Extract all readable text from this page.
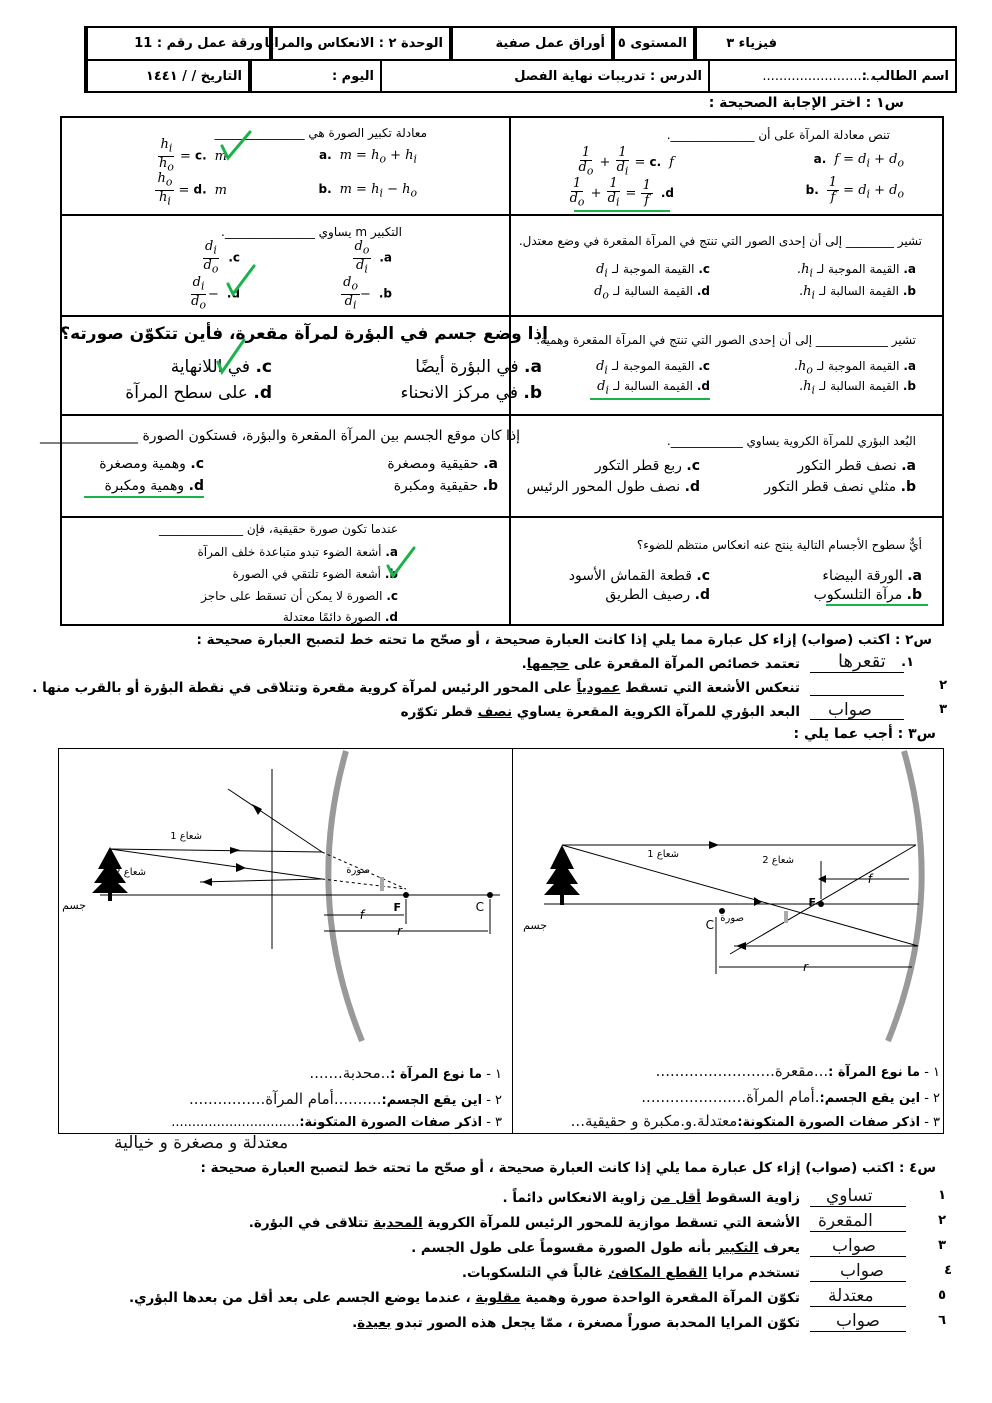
فيزياء ٣
المستوى ٥
أوراق عمل صفية
الوحدة ٢ : الانعكاس والمرايا
ورقة عمل رقم : 11
اسم الطالب :
...........................
الدرس : تدريبات نهاية الفصل
اليوم :
التاريخ / / ١٤٤١
س١ : اختر الإجابة الصحيحة :
تنص معادلة المرآة على أن ______________.
a.  $f = d_i + d_o$
b. $\frac{1}{f} = d_i + d_o$
c.  f =
$\frac{1}{d_i}$
+
$\frac{1}{d_o}$
d.
$\frac{1}{f}$
=
$\frac{1}{d_i}$
+
$\frac{1}{d_o}$
معادلة تكبير الصورة هي _______________
a.  $m = h_o + h_i$
b.  $m = h_i - h_o$
c.  m =
$\frac{h_i}{h_o}$
d.  m =
$\frac{h_o}{h_i}$
تشير ________ إلى أن إحدى الصور التي تنتج في المرآة المقعرة في وضع معتدل.
a. القيمة الموجبة لـ $h_i$.
b. القيمة السالبة لـ $h_i$.
c. القيمة الموجبة لـ $d_i$
d. القيمة السالبة لـ $d_o$
التكبير m يساوي _______________.
a.
$\frac{d_o}{d_i}$
b.  −
$\frac{d_o}{d_i}$
c.
$\frac{d_i}{d_o}$
d.  −
$\frac{d_i}{d_o}$
تشير ____________ إلى أن إحدى الصور التي تنتج في المرآة المقعرة وهمية.
a. القيمة الموجبة لـ $h_o$.
b. القيمة السالبة لـ $h_i$.
c. القيمة الموجبة لـ $d_i$
d. القيمة السالبة لـ $d_i$
إذا وضع جسم في البؤرة لمرآة مقعرة، فأين تتكوّن صورته؟
a. في البؤرة أيضًا
b. في مركز الانحناء
c. في اللانهاية
d. على سطح المرآة
البُعد البؤري للمرآة الكروية يساوي ____________.
a. نصف قطر التكور
b. مثلي نصف قطر التكور
c. ربع قطر التكور
d. نصف طول المحور الرئيس
إذا كان موقع الجسم بين المرآة المقعرة والبؤرة، فستكون الصورة ______________
a. حقيقية ومصغرة
b. حقيقية ومكبرة
c. وهمية ومصغرة
d. وهمية ومكبرة
أيٌّ سطوح الأجسام التالية ينتج عنه انعكاس منتظم للضوء؟
a. الورقة البيضاء
b. مرآة التلسكوب
c. قطعة القماش الأسود
d. رصيف الطريق
عندما تكون صورة حقيقية، فإن ______________
a. أشعة الضوء تبدو متباعدة خلف المرآة
b. أشعة الضوء تلتقي في الصورة
c. الصورة لا يمكن أن تسقط على حاجز
d. الصورة دائمًا معتدلة
س٢ : اكتب (صواب) إزاء كل عبارة مما يلي إذا كانت العبارة صحيحة ، أو صحّح ما تحته خط لتصبح العبارة صحيحة :
١.
تقعرها
تعتمد خصائص المرآة المقعرة على حجمها.
٢
تنعكس الأشعة التي تسقط عمودياً على المحور الرئيس لمرآة كروية مقعرة وتتلاقى في نقطة البؤرة أو بالقرب منها .
٣
صواب
البعد البؤري للمرآة الكروية المقعرة يساوي نصف قطر تكوّره
س٣ : أجب عما يلي :
شعاع 2
شعاع 1
صورة
جسم
f
F
C
r
شعاع 1
شعاع 2	صورة
جسم
f
F	C
r
١ - ما نوع المرآة :...مقعرة.........................
٢ - اين يقع الجسم:.أمام المرآة......................
٣ - اذكر صفات الصورة المتكونة:معتدلة.و.مكبرة و حقيقية...
١ - ما نوع المرآة :..محدبة.......
٢ - اين يقع الجسم:..........أمام المرآة................
٣ - اذكر صفات الصورة المتكونة:...............................
معتدلة و مصغرة و خيالية
س٤ : اكتب (صواب) إزاء كل عبارة مما يلي إذا كانت العبارة صحيحة ، أو صحّح ما تحته خط لتصبح العبارة صحيحة :
١
تساوي
زاوية السقوط أقل من زاوية الانعكاس دائماً .
٢
المقعرة
الأشعة التي تسقط موازية للمحور الرئيس للمرآة الكروية المحدبة تتلاقى في البؤرة.
٣
صواب
يعرف التكبير بأنه طول الصورة مقسوماً على طول الجسم .
٤
صواب
تستخدم مرايا القطع المكافئ غالباً في التلسكوبات.
٥
معتدلة
تكوّن المرآة المقعرة الواحدة صورة وهمية مقلوبة ، عندما يوضع الجسم على بعد أقل من بعدها البؤري.
٦
صواب
تكوّن المرايا المحدبة صوراً مصغرة ، ممّا يجعل هذه الصور تبدو بعيدة.
